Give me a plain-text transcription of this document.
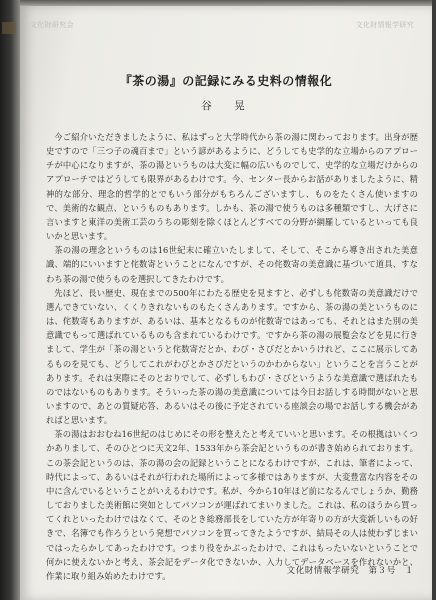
文化財研究会	文化財情報学研究
『茶の湯』の記録にみる史料の情報化
谷　晃

今ご紹介いただきましたように、私はずっと大学時代から茶の湯に関わっております。出身が歴史ですので「三つ子の魂百まで」という諺があるように、どうしても史学的な立場からのアプローチが中心になりますが、茶の湯というものは大変に幅の広いものでして、史学的な立場だけからのアプローチではどうしても限界があるわけです。今、センター長からお話がありましたように、精神的な部分、理念的哲学的とでもいう部分がもちろんございますし、ものをたくさん使いますので、美術的な観点、というものもあります。しかも、茶の湯で使うものは多種類ですし、大げさに言いますと東洋の美術工芸のうちの彫刻を除くほとんどすべての分野が網羅しているといっても良いかと思います。

茶の湯の理念というものは16世紀末に確立いたしまして、そして、そこから導き出された美意識、端的にいいますと侘数寄ということになんですが、その侘数寄の美意識に基づいて道具、すなわち茶の湯で使うものを選択してきたわけです。

先ほど、長い歴史、現在までの500年にわたる歴史を見ますと、必ずしも侘数寄の美意識だけで選んできていない、くくりきれないものもたくさんあります。ですから、茶の湯の美というものには、侘数寄もありますが、あるいは、基本となるものが侘数寄ではあっても、それとはまた別の美意識でもって選ばれているものも含まれているわけです。ですから茶の湯の展覧会などを見に行きまして、学生が「茶の湯というと侘数寄だとか、わび・さびだとかいうけれど、ここに展示してあるものを見ても、どうしてこれがわびとかさびだというのかわからない」ということを言うことがあります。それは実際にそのとおりでして、必ずしもわび・さびというような美意識で選ばれたものではないものもあります。そういった茶の湯の美意識については今日お話しする時間がないと思いますので、あとの質疑応答、あるいはその後に予定されている座談会の場でお話しする機会があればと思います。

茶の湯はおおむね16世紀のはじめにその形を整えたと考えていいと思います。その根拠はいくつかありまして、そのひとつに天文2年、1533年から茶会記というものが書き始められております。この茶会記というのは、茶の湯の会の記録ということになるわけですが、これは、筆者によって、時代によって、あるいはそれが行われた場所によって多様ではありますが、大変豊富な内容をその中に含んでいるということがいえるわけです。私が、今から10年ほど前になるんでしょうか、勤務しておりました美術館に突如としてパソコンが運ばれてまいりました。これは、私のほうから買ってくれといったわけではなくて、そのとき総務部長をしていた方が年寄りの方が大変新しいもの好きで、名簿でも作ろうという発想でパソコンを買ってきたようですが、結局その人は使わずじまいではったらかしてあったわけです。つまり役をかぶったわけで、これはもったいないということで何かに使えないかと考え、茶会記をデータ化できないか、入力してデータベースを作れないかと、作業に取り組み始めたわけです。	文化財情報学研究　第３号　１
